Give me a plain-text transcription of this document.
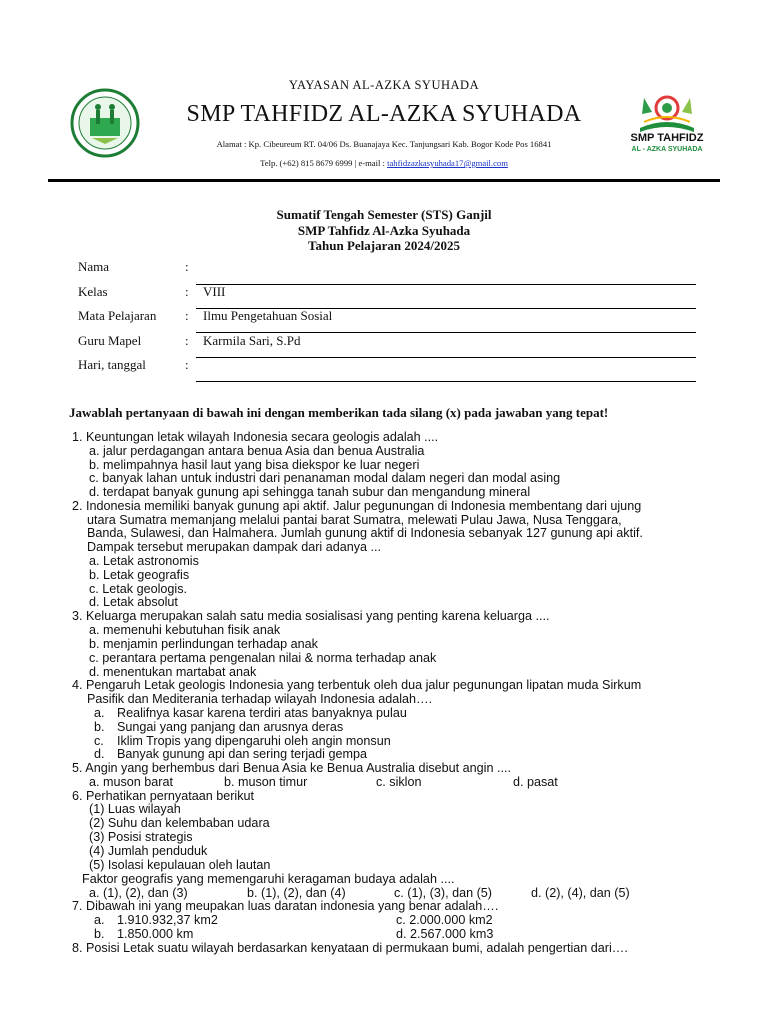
YAYASAN AL-AZKA SYUHADA
SMP TAHFIDZ AL-AZKA SYUHADA
Alamat : Kp. Cibeureum RT. 04/06 Ds. Buanajaya Kec. Tanjungsari Kab. Bogor Kode Pos 16841
Telp. (+62) 815 8679 6999 | e-mail : tahfidzazkasyuhada17@gmail.com
SMP TAHFIDZ
AL - AZKA SYUHADA
Sumatif Tengah Semester (STS) Ganjil
SMP Tahfidz Al-Azka Syuhada
Tahun Pelajaran 2024/2025
Nama	:
Kelas	: VIII
Mata Pelajaran : Ilmu Pengetahuan Sosial
Guru Mapel	: Karmila Sari, S.Pd
Hari, tanggal	:
Jawablah pertanyaan di bawah ini dengan memberikan tada silang (x) pada jawaban yang tepat!
1. Keuntungan letak wilayah Indonesia secara geologis adalah ....
a. jalur perdagangan antara benua Asia dan benua Australia
b. melimpahnya hasil laut yang bisa diekspor ke luar negeri
c. banyak lahan untuk industri dari penanaman modal dalam negeri dan modal asing
d. terdapat banyak gunung api sehingga tanah subur dan mengandung mineral
2. Indonesia memiliki banyak gunung api aktif. Jalur pegunungan di Indonesia membentang dari ujung
utara Sumatra memanjang melalui pantai barat Sumatra, melewati Pulau Jawa, Nusa Tenggara,
Banda, Sulawesi, dan Halmahera. Jumlah gunung aktif di Indonesia sebanyak 127 gunung api aktif.
Dampak tersebut merupakan dampak dari adanya ...
a. Letak astronomis
b. Letak geografis
c. Letak geologis.
d. Letak absolut
3. Keluarga merupakan salah satu media sosialisasi yang penting karena keluarga ....
a. memenuhi kebutuhan fisik anak
b. menjamin perlindungan terhadap anak
c. perantara pertama pengenalan nilai & norma terhadap anak
d. menentukan martabat anak
4. Pengaruh Letak geologis Indonesia yang terbentuk oleh dua jalur pegunungan lipatan muda Sirkum
Pasifik dan Mediterania terhadap wilayah Indonesia adalah….
a. Realifnya kasar karena terdiri atas banyaknya pulau
b. Sungai yang panjang dan arusnya deras
c. Iklim Tropis yang dipengaruhi oleh angin monsun
d. Banyak gunung api dan sering terjadi gempa
5. Angin yang berhembus dari Benua Asia ke Benua Australia disebut angin ....
a. muson barat	b. muson timur	c. siklon	d. pasat
6. Perhatikan pernyataan berikut
(1) Luas wilayah
(2) Suhu dan kelembaban udara
(3) Posisi strategis
(4) Jumlah penduduk
(5) Isolasi kepulauan oleh lautan
Faktor geografis yang memengaruhi keragaman budaya adalah ....
a. (1), (2), dan (3)	b. (1), (2), dan (4)	c. (1), (3), dan (5)	d. (2), (4), dan (5)
7. Dibawah ini yang meupakan luas daratan indonesia yang benar adalah….
a. 1.910.932,37 km2
b. 1.850.000 km
c. 2.000.000 km2
d. 2.567.000 km3
8. Posisi Letak suatu wilayah berdasarkan kenyataan di permukaan bumi, adalah pengertian dari….
